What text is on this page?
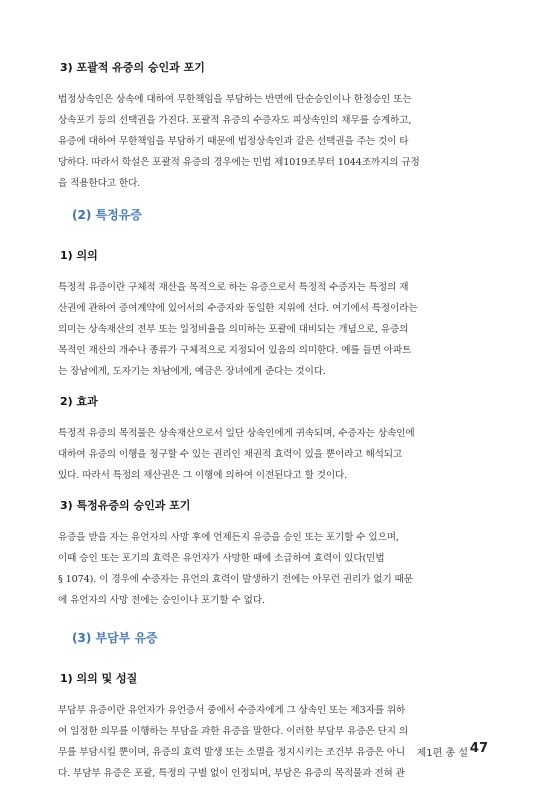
3) 포괄적 유증의 승인과 포기
법정상속인은 상속에 대하여 무한책임을 부담하는 반면에 단순승인이나 한정승인 또는
상속포기 등의 선택권을 가진다. 포괄적 유증의 수증자도 피상속인의 채무를 승계하고,
유증에 대하여 무한책임을 부담하기 때문에 법정상속인과 같은 선택권을 주는 것이 타
당하다. 따라서 학설은 포괄적 유증의 경우에는 민법 제1019조부터 1044조까지의 규정
을 적용한다고 한다.
(2) 특정유증
1) 의의
특정적 유증이란 구체적 재산을 목적으로 하는 유증으로서 특정적 수증자는 특정의 재
산권에 관하여 증여계약에 있어서의 수증자와 동일한 지위에 선다. 여기에서 특정이라는
의미는 상속재산의 전부 또는 일정비율을 의미하는 포괄에 대비되는 개념으로, 유증의
목적인 재산의 개수나 종류가 구체적으로 지정되어 있음의 의미한다. 예를 들면 아파트
는 장남에게, 도자기는 차남에게, 예금은 장녀에게 준다는 것이다.
2) 효과
특정적 유증의 목적물은 상속재산으로서 일단 상속인에게 귀속되며, 수증자는 상속인에
대하여 유증의 이행을 청구할 수 있는 권리인 채권적 효력이 있을 뿐이라고 해석되고
있다. 따라서 특정의 재산권은 그 이행에 의하여 이전된다고 할 것이다.
3) 특정유증의 승인과 포기
유증을 받을 자는 유언자의 사망 후에 언제든지 유증을 승인 또는 포기할 수 있으며,
이때 승인 또는 포기의 효력은 유언자가 사망한 때에 소급하여 효력이 있다(민법
§ 1074). 이 경우에 수증자는 유언의 효력이 발생하기 전에는 아무런 권리가 없기 때문
에 유언자의 사망 전에는 승인이나 포기할 수 없다.
(3) 부담부 유증
1) 의의 및 성질
부담부 유증이란 유언자가 유언증서 중에서 수증자에게 그 상속인 또는 제3자를 위하
여 일정한 의무를 이행하는 부담을 과한 유증을 말한다. 이러한 부담부 유증은 단지 의
무를 부담시킬 뿐이며, 유증의 효력 발생 또는 소멸을 정지시키는 조건부 유증은 아니
다. 부담부 유증은 포괄, 특정의 구별 없이 인정되며, 부담은 유증의 목적물과 전혀 관
제1편 총 설 47
